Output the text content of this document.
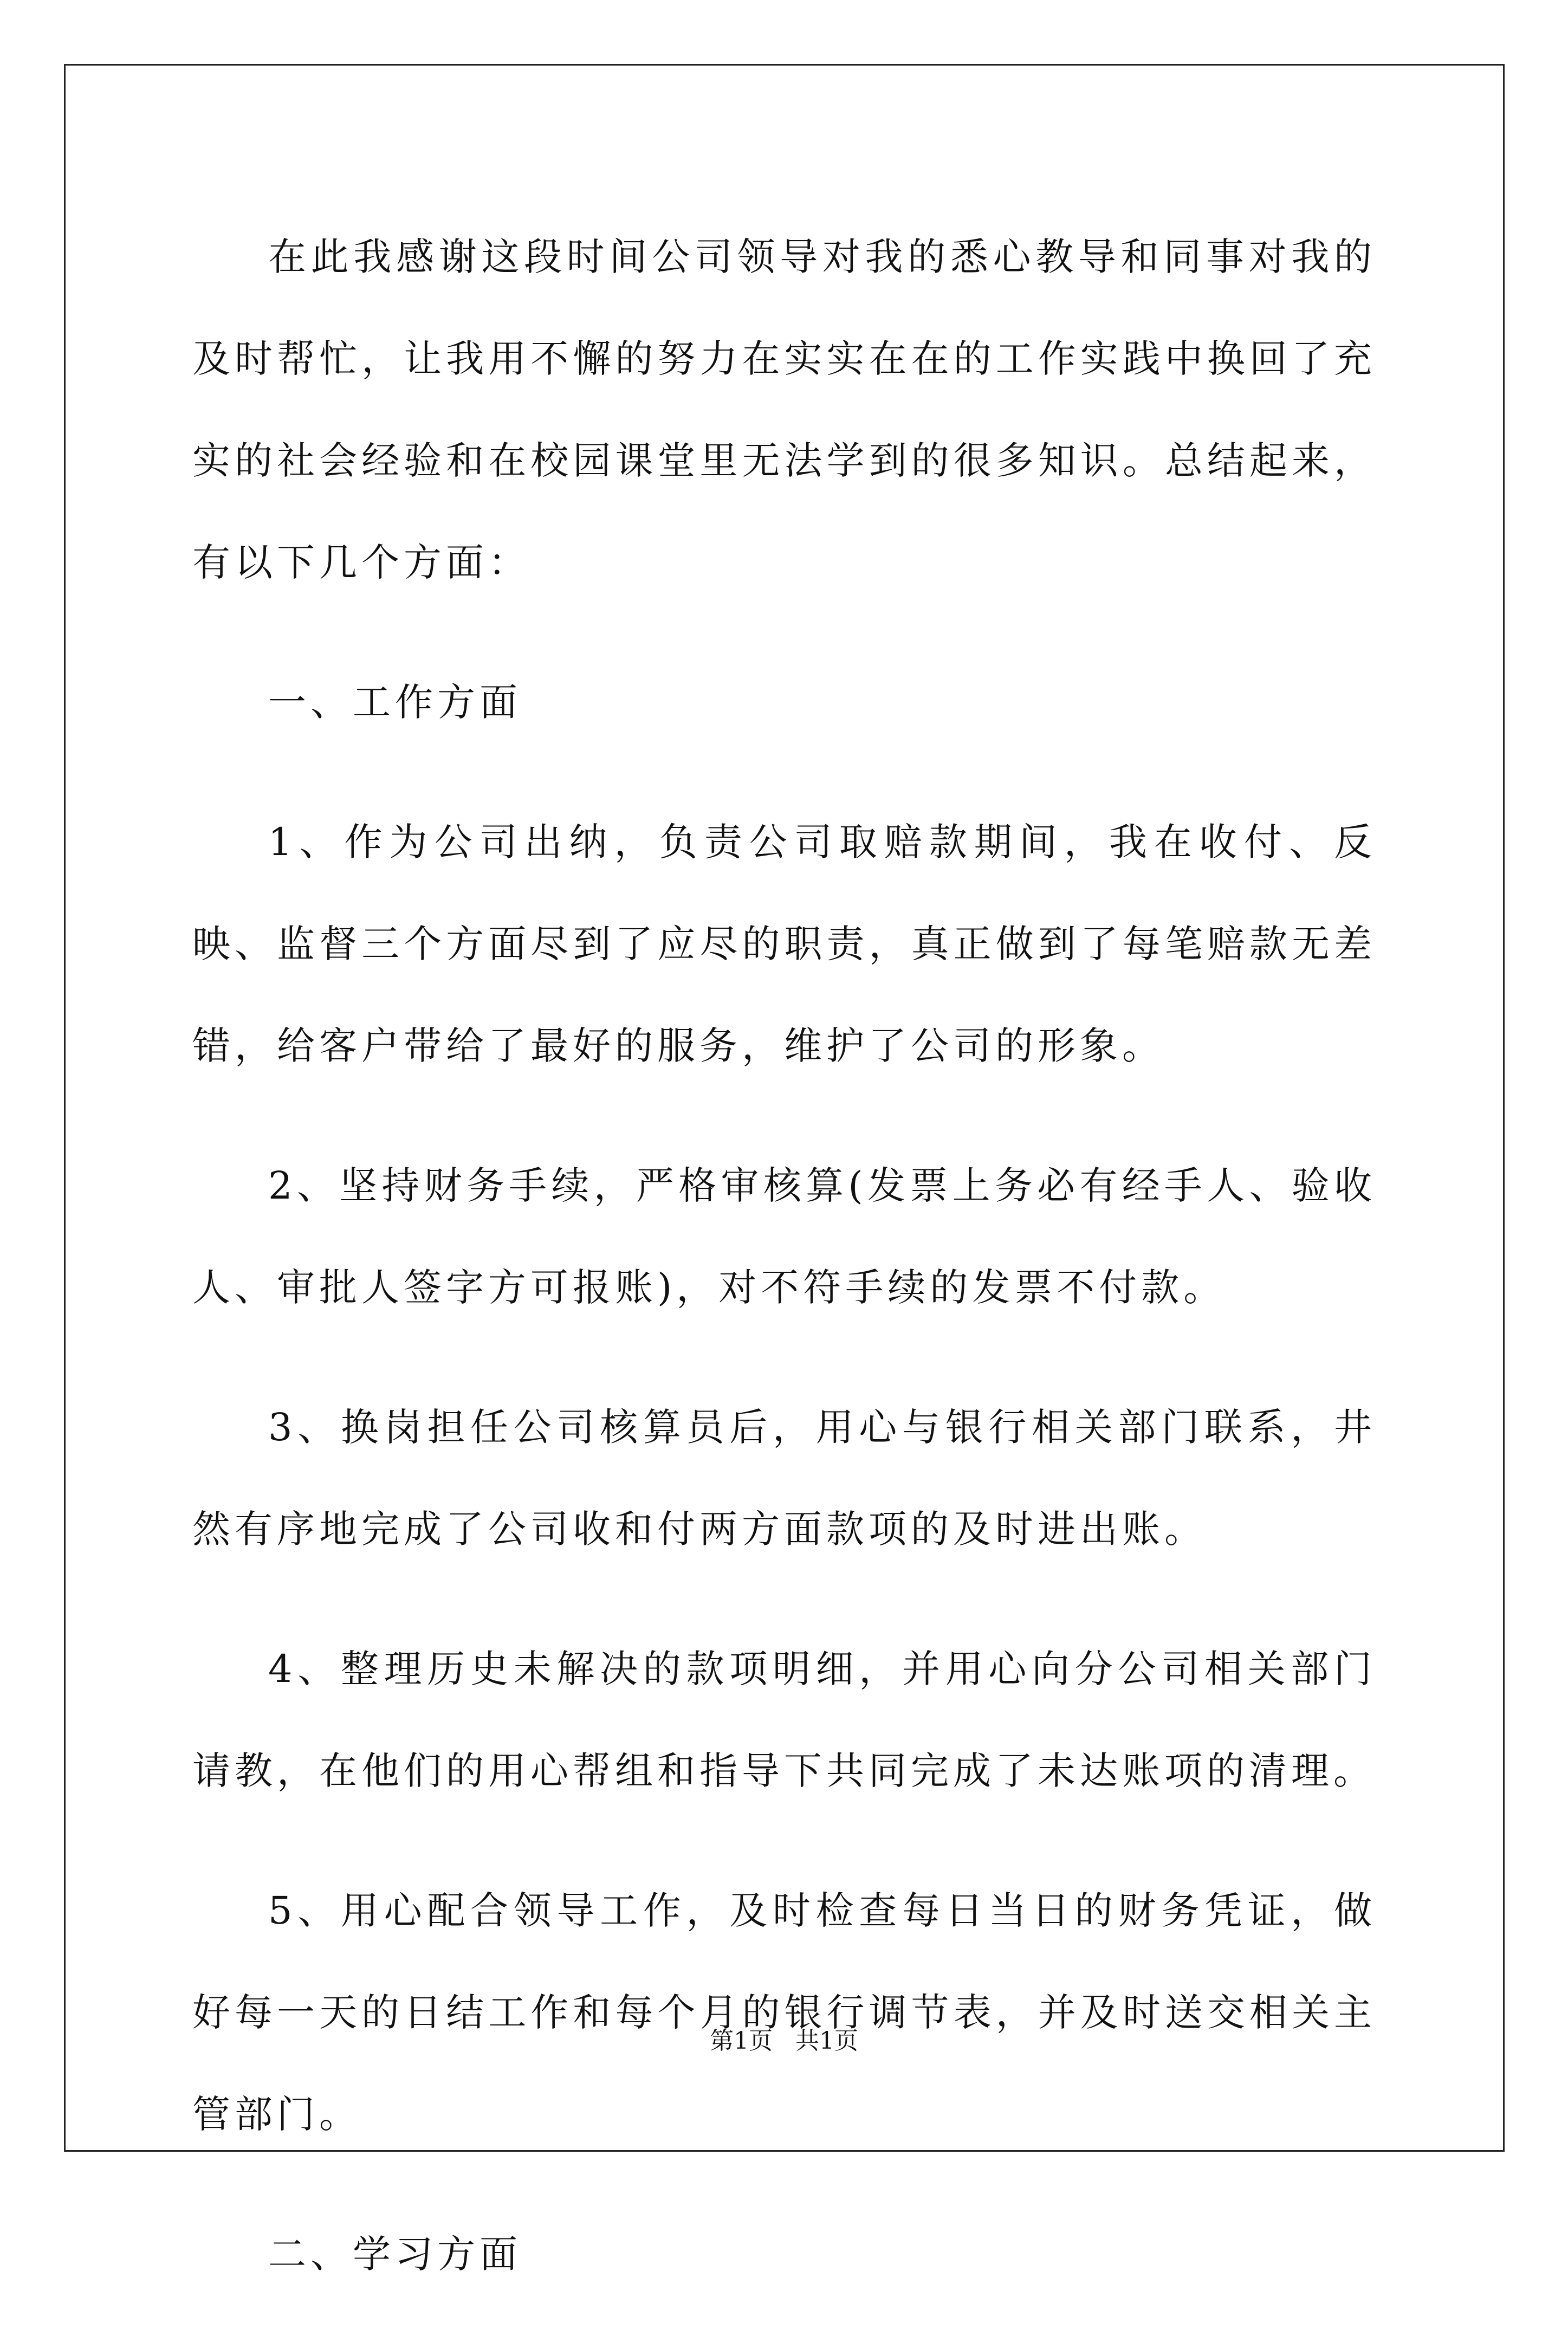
在此我感谢这段时间公司领导对我的悉心教导和同事对我的及时帮忙，让我用不懈的努力在实实在在的工作实践中换回了充实的社会经验和在校园课堂里无法学到的很多知识。总结起来，有以下几个方面：

一、工作方面

1、作为公司出纳，负责公司取赔款期间，我在收付、反映、监督三个方面尽到了应尽的职责，真正做到了每笔赔款无差错，给客户带给了最好的服务，维护了公司的形象。

2、坚持财务手续，严格审核算(发票上务必有经手人、验收人、审批人签字方可报账)，对不符手续的发票不付款。

3、换岗担任公司核算员后，用心与银行相关部门联系，井然有序地完成了公司收和付两方面款项的及时进出账。

4、整理历史未解决的款项明细，并用心向分公司相关部门请教，在他们的用心帮组和指导下共同完成了未达账项的清理。

5、用心配合领导工作，及时检查每日当日的财务凭证，做好每一天的日结工作和每个月的银行调节表，并及时送交相关主管部门。

二、学习方面

第1页 共1页
